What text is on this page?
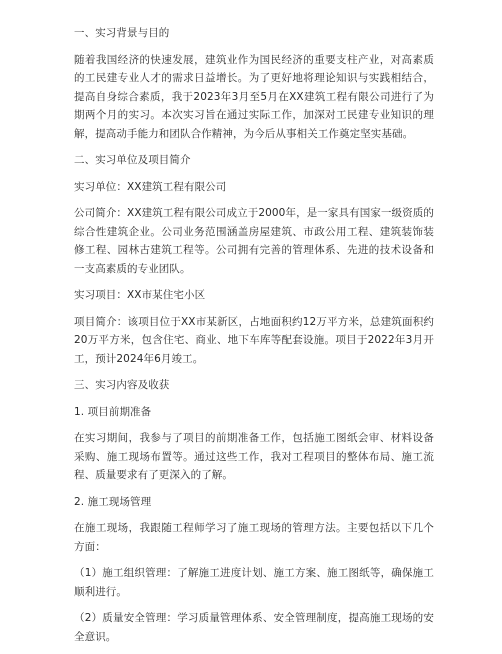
一、实习背景与目的

随着我国经济的快速发展，建筑业作为国民经济的重要支柱产业，对高素质的工民建专业人才的需求日益增长。为了更好地将理论知识与实践相结合，提高自身综合素质，我于2023年3月至5月在XX建筑工程有限公司进行了为期两个月的实习。本次实习旨在通过实际工作，加深对工民建专业知识的理解，提高动手能力和团队合作精神，为今后从事相关工作奠定坚实基础。

二、实习单位及项目简介

实习单位：XX建筑工程有限公司

公司简介：XX建筑工程有限公司成立于2000年，是一家具有国家一级资质的综合性建筑企业。公司业务范围涵盖房屋建筑、市政公用工程、建筑装饰装修工程、园林古建筑工程等。公司拥有完善的管理体系、先进的技术设备和一支高素质的专业团队。

实习项目：XX市某住宅小区

项目简介：该项目位于XX市某新区，占地面积约12万平方米，总建筑面积约20万平方米，包含住宅、商业、地下车库等配套设施。项目于2022年3月开工，预计2024年6月竣工。

三、实习内容及收获

1. 项目前期准备

在实习期间，我参与了项目的前期准备工作，包括施工图纸会审、材料设备采购、施工现场布置等。通过这些工作，我对工程项目的整体布局、施工流程、质量要求有了更深入的了解。

2. 施工现场管理

在施工现场，我跟随工程师学习了施工现场的管理方法。主要包括以下几个方面：

（1）施工组织管理：了解施工进度计划、施工方案、施工图纸等，确保施工顺利进行。

（2）质量安全管理：学习质量管理体系、安全管理制度，提高施工现场的安全意识。
